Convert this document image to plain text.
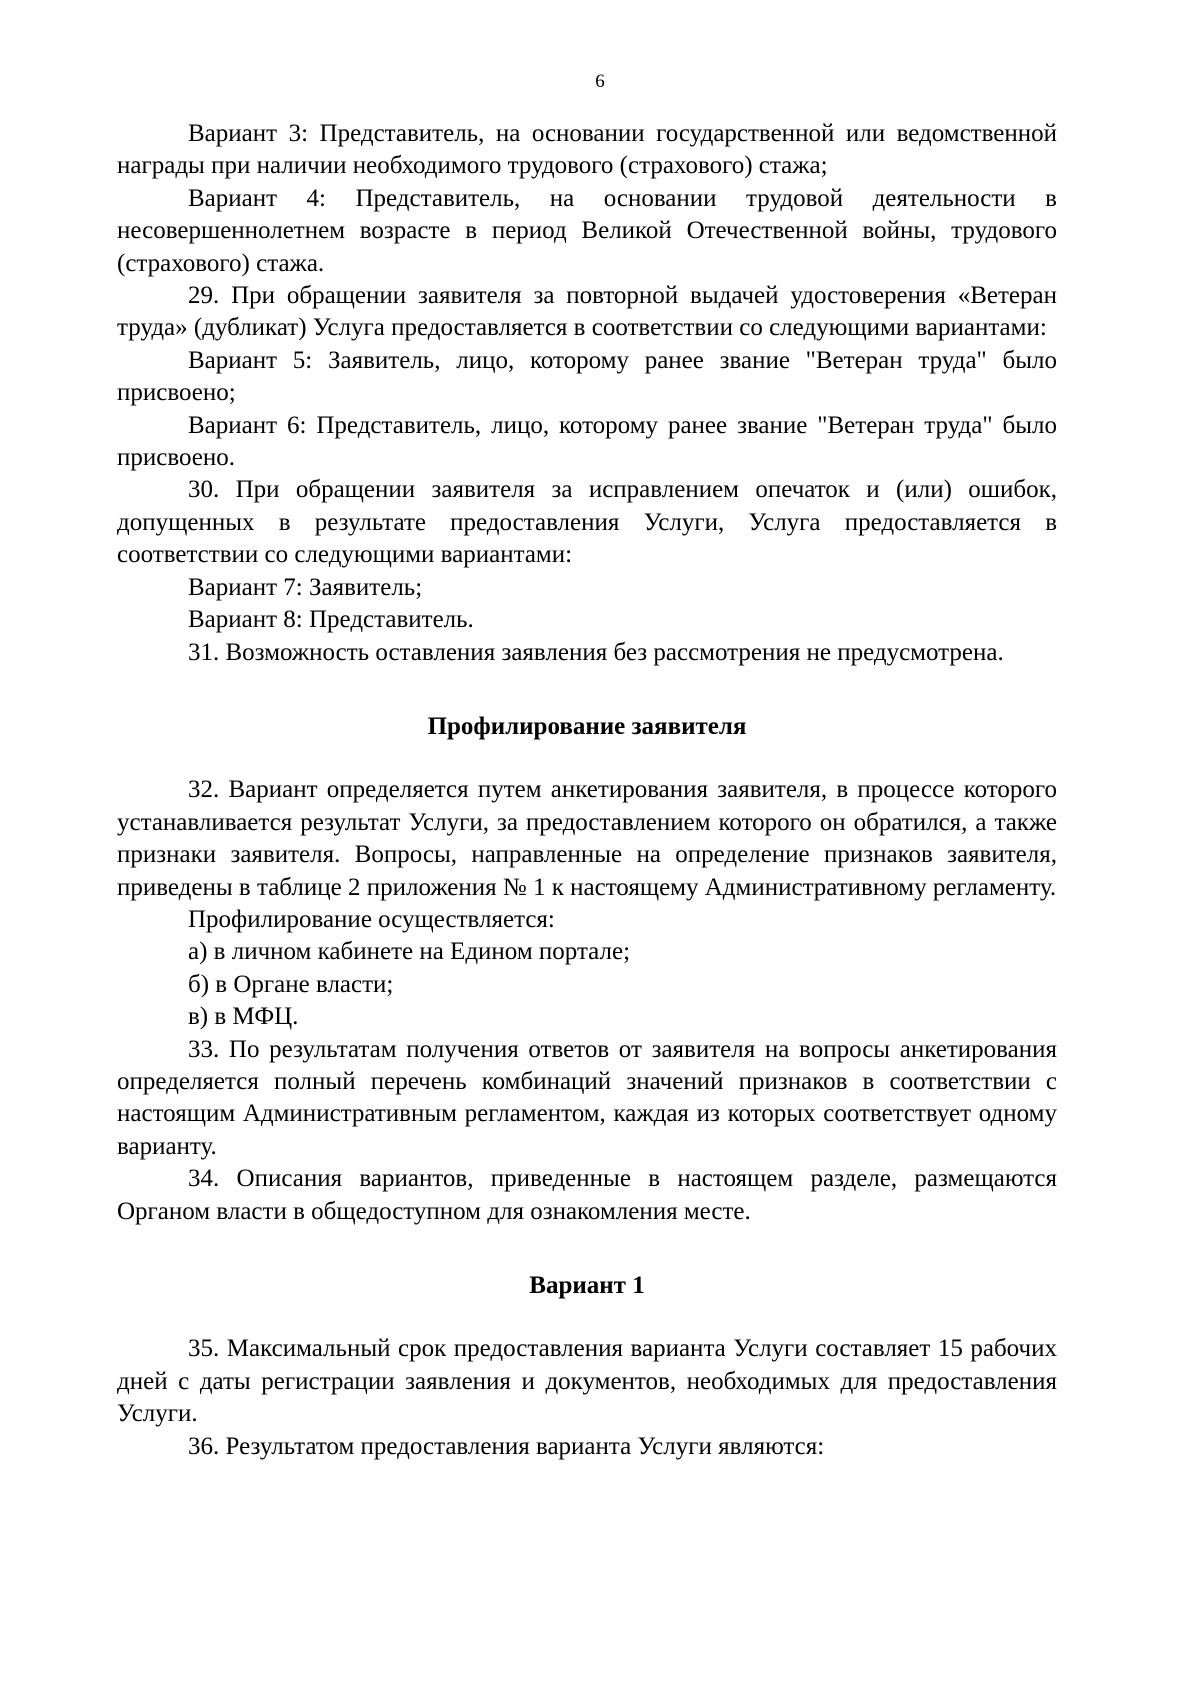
6

Вариант 3: Представитель, на основании государственной или ведомственной награды при наличии необходимого трудового (страхового) стажа;

Вариант 4: Представитель, на основании трудовой деятельности в несовершеннолетнем возрасте в период Великой Отечественной войны, трудового (страхового) стажа.

29. При обращении заявителя за повторной выдачей удостоверения «Ветеран труда» (дубликат) Услуга предоставляется в соответствии со следующими вариантами:

Вариант 5: Заявитель, лицо, которому ранее звание "Ветеран труда" было присвоено;

Вариант 6: Представитель, лицо, которому ранее звание "Ветеран труда" было присвоено.

30. При обращении заявителя за исправлением опечаток и (или) ошибок, допущенных в результате предоставления Услуги, Услуга предоставляется в соответствии со следующими вариантами:

Вариант 7: Заявитель;

Вариант 8: Представитель.

31. Возможность оставления заявления без рассмотрения не предусмотрена.

Профилирование заявителя

32. Вариант определяется путем анкетирования заявителя, в процессе которого устанавливается результат Услуги, за предоставлением которого он обратился, а также признаки заявителя. Вопросы, направленные на определение признаков заявителя, приведены в таблице 2 приложения № 1 к настоящему Административному регламенту.

Профилирование осуществляется:

а) в личном кабинете на Едином портале;

б) в Органе власти;

в) в МФЦ.

33. По результатам получения ответов от заявителя на вопросы анкетирования определяется полный перечень комбинаций значений признаков в соответствии с настоящим Административным регламентом, каждая из которых соответствует одному варианту.

34. Описания вариантов, приведенные в настоящем разделе, размещаются Органом власти в общедоступном для ознакомления месте.

Вариант 1

35. Максимальный срок предоставления варианта Услуги составляет 15 рабочих дней с даты регистрации заявления и документов, необходимых для предоставления Услуги.

36. Результатом предоставления варианта Услуги являются:
